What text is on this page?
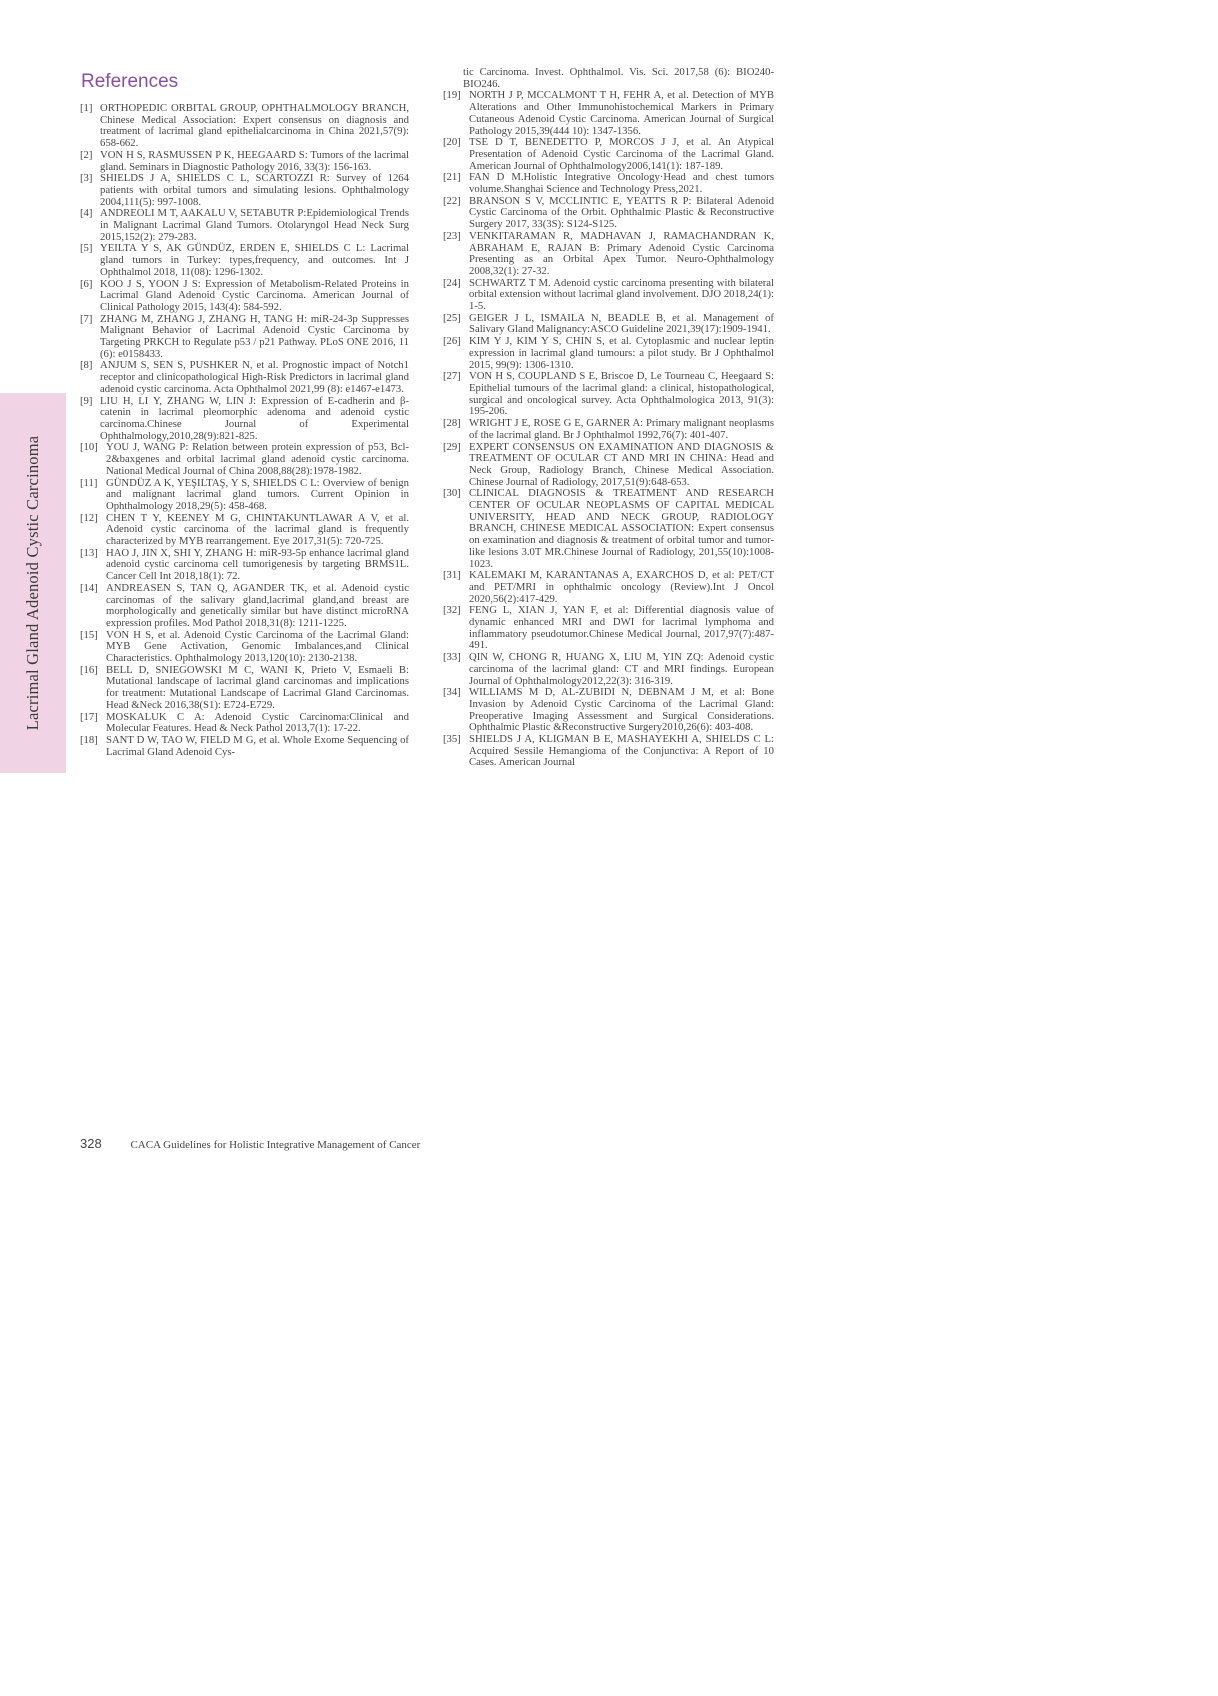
Lacrimal Gland Adenoid Cystic Carcinoma
References
[1] ORTHOPEDIC ORBITAL GROUP, OPHTHALMOLOGY BRANCH, Chinese Medical Association: Expert consensus on diagnosis and treatment of lacrimal gland epithelialcarcinoma in China 2021,57(9): 658-662.
[2] VON H S, RASMUSSEN P K, HEEGAARD S: Tumors of the lacrimal gland. Seminars in Diagnostic Pathology 2016, 33(3): 156-163.
[3] SHIELDS J A, SHIELDS C L, SCARTOZZI R: Survey of 1264 patients with orbital tumors and simulating lesions. Ophthalmology 2004,111(5): 997-1008.
[4] ANDREOLI M T, AAKALU V, SETABUTR P:Epidemiological Trends in Malignant Lacrimal Gland Tumors. Otolaryngol Head Neck Surg 2015,152(2): 279-283.
[5] YEILTA Y S, AK GÜNDÜZ, ERDEN E, SHIELDS C L: Lacrimal gland tumors in Turkey: types,frequency, and outcomes. Int J Ophthalmol 2018, 11(08): 1296-1302.
[6] KOO J S, YOON J S: Expression of Metabolism-Related Proteins in Lacrimal Gland Adenoid Cystic Carcinoma. American Journal of Clinical Pathology 2015, 143(4): 584-592.
[7] ZHANG M, ZHANG J, ZHANG H, TANG H: miR-24-3p Suppresses Malignant Behavior of Lacrimal Adenoid Cystic Carcinoma by Targeting PRKCH to Regulate p53 / p21 Pathway. PLoS ONE 2016, 11 (6): e0158433.
[8] ANJUM S, SEN S, PUSHKER N, et al. Prognostic impact of Notch1 receptor and clinicopathological High-Risk Predictors in lacrimal gland adenoid cystic carcinoma. Acta Ophthalmol 2021,99 (8): e1467-e1473.
[9] LIU H, LI Y, ZHANG W, LIN J: Expression of E-cadherin and β-catenin in lacrimal pleomorphic adenoma and adenoid cystic carcinoma.Chinese Journal of Experimental Ophthalmology,2010,28(9):821-825.
[10] YOU J, WANG P: Relation between protein expression of p53, Bcl-2&baxgenes and orbital lacrimal gland adenoid cystic carcinoma. National Medical Journal of China 2008,88(28):1978-1982.
[11] GÜNDÜZ A K, YEŞILTAŞ, Y S, SHIELDS C L: Overview of benign and malignant lacrimal gland tumors. Current Opinion in Ophthalmology 2018,29(5): 458-468.
[12] CHEN T Y, KEENEY M G, CHINTAKUNTLAWAR A V, et al. Adenoid cystic carcinoma of the lacrimal gland is frequently characterized by MYB rearrangement. Eye 2017,31(5): 720-725.
[13] HAO J, JIN X, SHI Y, ZHANG H: miR-93-5p enhance lacrimal gland adenoid cystic carcinoma cell tumorigenesis by targeting BRMS1L. Cancer Cell Int 2018,18(1): 72.
[14] ANDREASEN S, TAN Q, AGANDER TK, et al. Adenoid cystic carcinomas of the salivary gland,lacrimal gland,and breast are morphologically and genetically similar but have distinct microRNA expression profiles. Mod Pathol 2018,31(8): 1211-1225.
[15] VON H S, et al. Adenoid Cystic Carcinoma of the Lacrimal Gland: MYB Gene Activation, Genomic Imbalances,and Clinical Characteristics. Ophthalmology 2013,120(10): 2130-2138.
[16] BELL D, SNIEGOWSKI M C, WANI K, Prieto V, Esmaeli B: Mutational landscape of lacrimal gland carcinomas and implications for treatment: Mutational Landscape of Lacrimal Gland Carcinomas. Head &Neck 2016,38(S1): E724-E729.
[17] MOSKALUK C A: Adenoid Cystic Carcinoma:Clinical and Molecular Features. Head & Neck Pathol 2013,7(1): 17-22.
[18] SANT D W, TAO W, FIELD M G, et al. Whole Exome Sequencing of Lacrimal Gland Adenoid Cys-
tic Carcinoma. Invest. Ophthalmol. Vis. Sci. 2017,58 (6): BIO240-BIO246.
[19] NORTH J P, MCCALMONT T H, FEHR A, et al. Detection of MYB Alterations and Other Immunohistochemical Markers in Primary Cutaneous Adenoid Cystic Carcinoma. American Journal of Surgical Pathology 2015,39(444 10): 1347-1356.
[20] TSE D T, BENEDETTO P, MORCOS J J, et al. An Atypical Presentation of Adenoid Cystic Carcinoma of the Lacrimal Gland. American Journal of Ophthalmology2006,141(1): 187-189.
[21] FAN D M.Holistic Integrative Oncology·Head and chest tumors volume.Shanghai Science and Technology Press,2021.
[22] BRANSON S V, MCCLINTIC E, YEATTS R P: Bilateral Adenoid Cystic Carcinoma of the Orbit. Ophthalmic Plastic & Reconstructive Surgery 2017, 33(3S): S124-S125.
[23] VENKITARAMAN R, MADHAVAN J, RAMACHANDRAN K, ABRAHAM E, RAJAN B: Primary Adenoid Cystic Carcinoma Presenting as an Orbital Apex Tumor. Neuro-Ophthalmology 2008,32(1): 27-32.
[24] SCHWARTZ T M. Adenoid cystic carcinoma presenting with bilateral orbital extension without lacrimal gland involvement. DJO 2018,24(1): 1-5.
[25] GEIGER J L, ISMAILA N, BEADLE B, et al. Management of Salivary Gland Malignancy:ASCO Guideline 2021,39(17):1909-1941.
[26] KIM Y J, KIM Y S, CHIN S, et al. Cytoplasmic and nuclear leptin expression in lacrimal gland tumours: a pilot study. Br J Ophthalmol 2015, 99(9): 1306-1310.
[27] VON H S, COUPLAND S E, Briscoe D, Le Tourneau C, Heegaard S: Epithelial tumours of the lacrimal gland: a clinical, histopathological, surgical and oncological survey. Acta Ophthalmologica 2013, 91(3): 195-206.
[28] WRIGHT J E, ROSE G E, GARNER A: Primary malignant neoplasms of the lacrimal gland. Br J Ophthalmol 1992,76(7): 401-407.
[29] EXPERT CONSENSUS ON EXAMINATION AND DIAGNOSIS & TREATMENT OF OCULAR CT AND MRI IN CHINA: Head and Neck Group, Radiology Branch, Chinese Medical Association. Chinese Journal of Radiology, 2017,51(9):648-653.
[30] CLINICAL DIAGNOSIS & TREATMENT AND RESEARCH CENTER OF OCULAR NEOPLASMS OF CAPITAL MEDICAL UNIVERSITY, HEAD AND NECK GROUP, RADIOLOGY BRANCH, CHINESE MEDICAL ASSOCIATION: Expert consensus on examination and diagnosis & treatment of orbital tumor and tumor-like lesions 3.0T MR.Chinese Journal of Radiology, 201,55(10):1008-1023.
[31] KALEMAKI M, KARANTANAS A, EXARCHOS D, et al: PET/CT and PET/MRI in ophthalmic oncology (Review).Int J Oncol 2020,56(2):417-429.
[32] FENG L, XIAN J, YAN F, et al: Differential diagnosis value of dynamic enhanced MRI and DWI for lacrimal lymphoma and inflammatory pseudotumor.Chinese Medical Journal, 2017,97(7):487-491.
[33] QIN W, CHONG R, HUANG X, LIU M, YIN ZQ: Adenoid cystic carcinoma of the lacrimal gland: CT and MRI findings. European Journal of Ophthalmology2012,22(3): 316-319.
[34] WILLIAMS M D, AL-ZUBIDI N, DEBNAM J M, et al: Bone Invasion by Adenoid Cystic Carcinoma of the Lacrimal Gland: Preoperative Imaging Assessment and Surgical Considerations. Ophthalmic Plastic &Reconstructive Surgery2010,26(6): 403-408.
[35] SHIELDS J A, KLIGMAN B E, MASHAYEKHI A, SHIELDS C L: Acquired Sessile Hemangioma of the Conjunctiva: A Report of 10 Cases. American Journal
328	CACA Guidelines for Holistic Integrative Management of Cancer
